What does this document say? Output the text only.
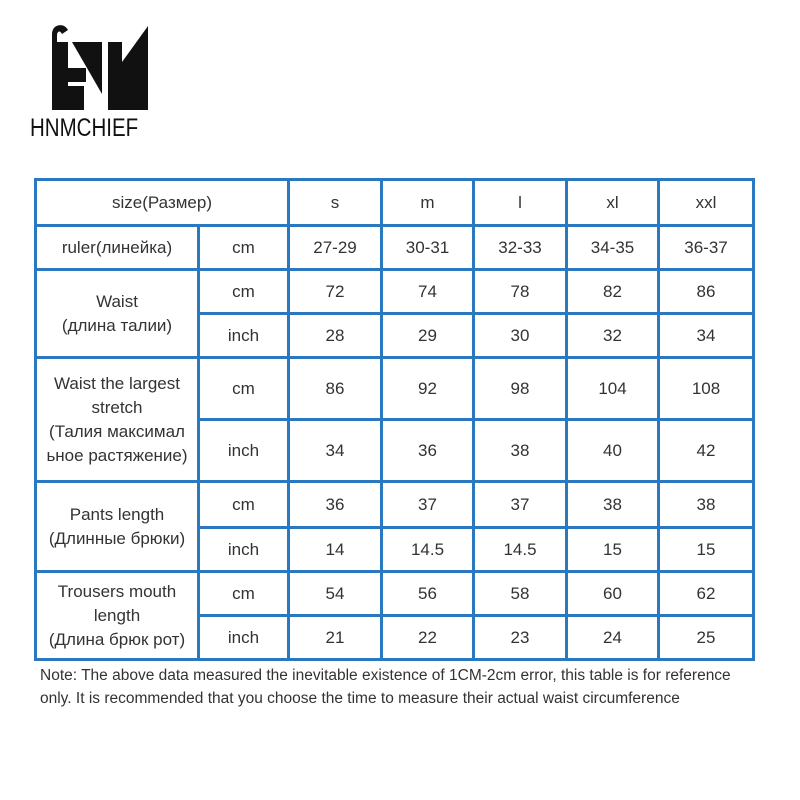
HNMCHIEF
size(Размер)		s	m	l	xl	xxl
ruler(линейка)	cm	27-29	30-31	32-33	34-35	36-37

Waist
(длина талии)	cm	72	74	78	82	86
	inch	28	29	30	32	34

Waist the largest
stretch
(Талия максимал
ьное растяжение)	cm	86	92	98	104	108
	inch	34	36	38	40	42

Pants length
(Длинные брюки)	cm	36	37	37	38	38
	inch	14	14.5	14.5	15	15

Trousers mouth
length
(Длина брюк рот)	cm	54	56	58	60	62
	inch	21	22	23	24	25
Note: The above data measured the inevitable existence of 1CM-2cm error, this table is for reference only. It is recommended that you choose the time to measure their actual waist circumference
